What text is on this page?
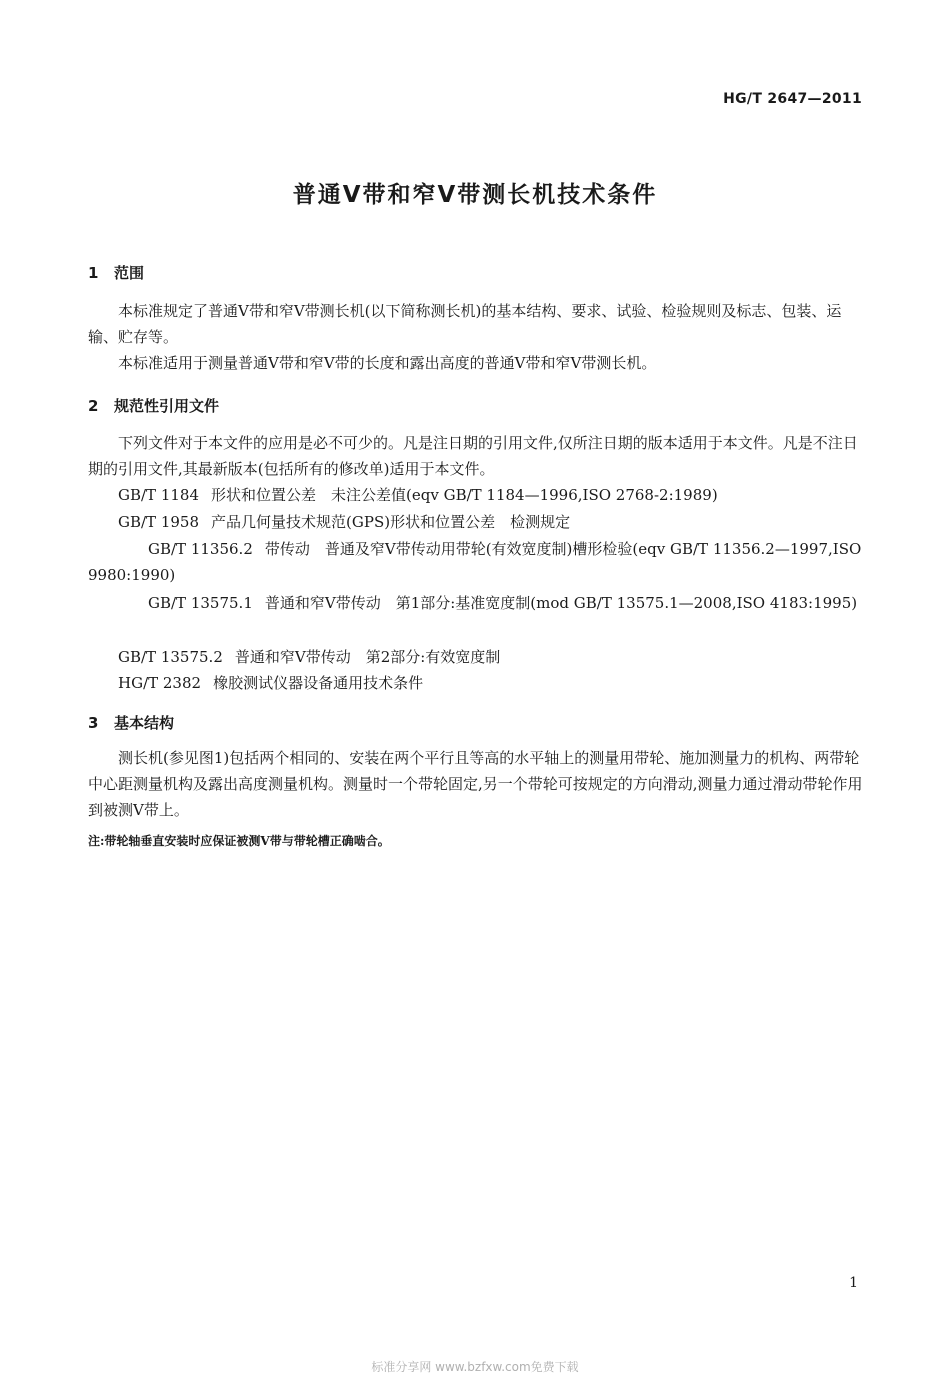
HG/T 2647—2011
普通V带和窄V带测长机技术条件
1 范围

本标准规定了普通V带和窄V带测长机(以下简称测长机)的基本结构、要求、试验、检验规则及标志、包装、运输、贮存等。

本标准适用于测量普通V带和窄V带的长度和露出高度的普通V带和窄V带测长机。

2 规范性引用文件

下列文件对于本文件的应用是必不可少的。凡是注日期的引用文件,仅所注日期的版本适用于本文件。凡是不注日期的引用文件,其最新版本(包括所有的修改单)适用于本文件。

GB/T 1184 形状和位置公差　未注公差值(eqv GB/T 1184—1996,ISO 2768-2:1989)

GB/T 1958 产品几何量技术规范(GPS)形状和位置公差　检测规定

GB/T 11356.2 带传动　普通及窄V带传动用带轮(有效宽度制)槽形检验(eqv GB/T 11356.2—1997,ISO 9980:1990)

GB/T 13575.1 普通和窄V带传动　第1部分:基准宽度制(mod GB/T 13575.1—2008,ISO 4183:1995)

GB/T 13575.2 普通和窄V带传动　第2部分:有效宽度制

HG/T 2382 橡胶测试仪器设备通用技术条件

3 基本结构

测长机(参见图1)包括两个相同的、安装在两个平行且等高的水平轴上的测量用带轮、施加测量力的机构、两带轮中心距测量机构及露出高度测量机构。测量时一个带轮固定,另一个带轮可按规定的方向滑动,测量力通过滑动带轮作用到被测V带上。

注:带轮轴垂直安装时应保证被测V带与带轮槽正确啮合。

1
标准分享网 www.bzfxw.com免费下载
